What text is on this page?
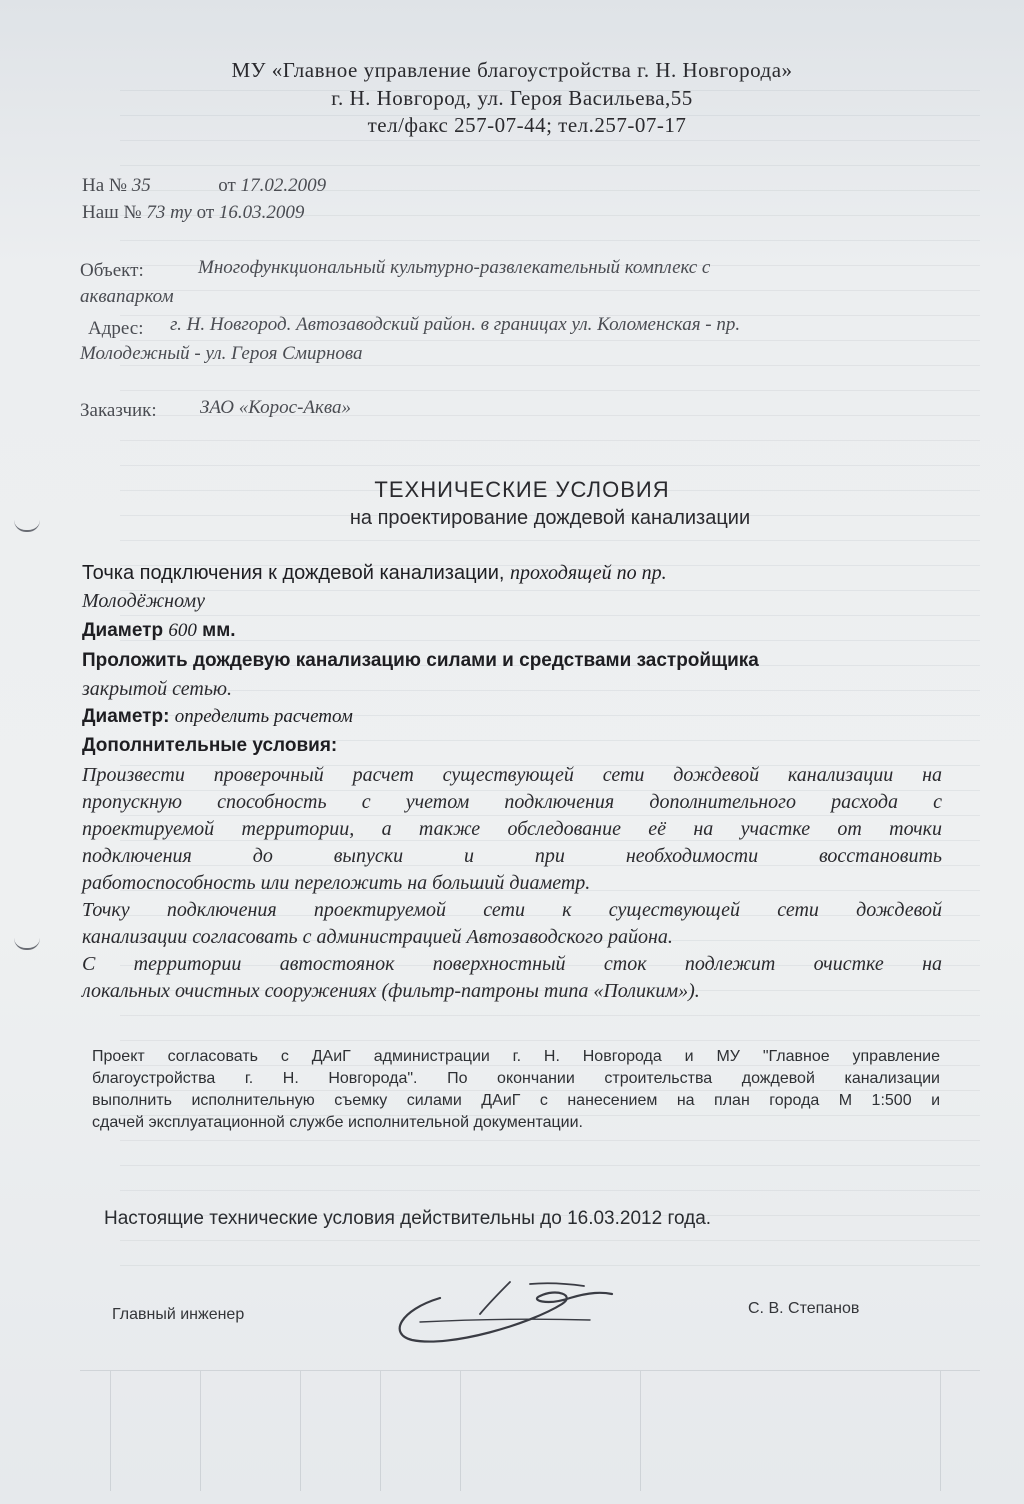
МУ «Главное управление благоустройства г. Н. Новгорода»
г. Н. Новгород, ул. Героя Васильева,55
тел/факс 257-07-44; тел.257-07-17
На № 35	от 17.02.2009
Наш № 73 ту от 16.03.2009
Объект:	Многофункциональный культурно-развлекательный комплекс с
аквапарком
Адрес: г. Н. Новгород. Автозаводский район. в границах ул. Коломенская - пр.
Молодежный - ул. Героя Смирнова
Заказчик: ЗАО «Корос-Аква»
ТЕХНИЧЕСКИЕ УСЛОВИЯ
на проектирование дождевой канализации
Точка подключения к дождевой канализации, проходящей по пр.
Молодёжному
Диаметр 600 мм.
Проложить дождевую канализацию силами и средствами застройщика
закрытой сетью.
Диаметр: определить расчетом
Дополнительные условия:
Произвести проверочный расчет существующей сети дождевой канализации на
пропускную способность с учетом подключения дополнительного расхода с
проектируемой территории, а также обследование её на участке от точки
подключения до выпуски и при необходимости восстановить
работоспособность или переложить на больший диаметр.
Точку подключения проектируемой сети к существующей сети дождевой
канализации согласовать с администрацией Автозаводского района.
С территории автостоянок поверхностный сток подлежит очистке на
локальных очистных сооружениях (фильтр-патроны типа «Поликим»).
Проект согласовать с ДАиГ администрации г. Н. Новгорода и МУ "Главное управление
благоустройства г. Н. Новгорода". По окончании строительства дождевой канализации
выполнить исполнительную съемку силами ДАиГ с нанесением на план города М 1:500 и
сдачей эксплуатационной службе исполнительной документации.
Настоящие технические условия действительны до 16.03.2012 года.
Главный инженер	С. В. Степанов
